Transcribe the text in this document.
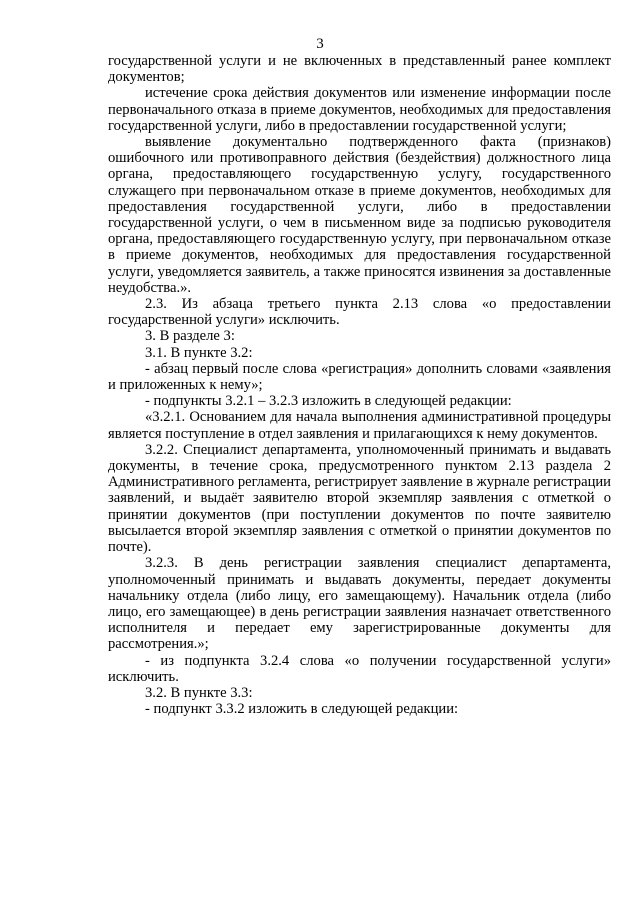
3

государственной услуги и не включенных в представленный ранее комплект документов;

истечение срока действия документов или изменение информации после первоначального отказа в приеме документов, необходимых для предоставления государственной услуги, либо в предоставлении государственной услуги;

выявление документально подтвержденного факта (признаков) ошибочного или противоправного действия (бездействия) должностного лица органа, предоставляющего государственную услугу, государственного служащего при первоначальном отказе в приеме документов, необходимых для предоставления государственной услуги, либо в предоставлении государственной услуги, о чем в письменном виде за подписью руководителя органа, предоставляющего государственную услугу, при первоначальном отказе в приеме документов, необходимых для предоставления государственной услуги, уведомляется заявитель, а также приносятся извинения за доставленные неудобства.».

2.3. Из абзаца третьего пункта 2.13 слова «о предоставлении государственной услуги» исключить.

3. В разделе 3:

3.1. В пункте 3.2:

- абзац первый после слова «регистрация» дополнить словами «заявления и приложенных к нему»;

- подпункты 3.2.1 – 3.2.3 изложить в следующей редакции:

«3.2.1. Основанием для начала выполнения административной процедуры является поступление в отдел заявления и прилагающихся к нему документов.

3.2.2. Специалист департамента, уполномоченный принимать и выдавать документы, в течение срока, предусмотренного пунктом 2.13 раздела 2 Административного регламента, регистрирует заявление в журнале регистрации заявлений, и выдаёт заявителю второй экземпляр заявления с отметкой о принятии документов (при поступлении документов по почте заявителю высылается второй экземпляр заявления с отметкой о принятии документов по почте).

3.2.3. В день регистрации заявления специалист департамента, уполномоченный принимать и выдавать документы, передает документы начальнику отдела (либо лицу, его замещающему). Начальник отдела (либо лицо, его замещающее) в день регистрации заявления назначает ответственного исполнителя и передает ему зарегистрированные документы для рассмотрения.»;

- из подпункта 3.2.4 слова «о получении государственной услуги» исключить.

3.2. В пункте 3.3:

- подпункт 3.3.2 изложить в следующей редакции:
